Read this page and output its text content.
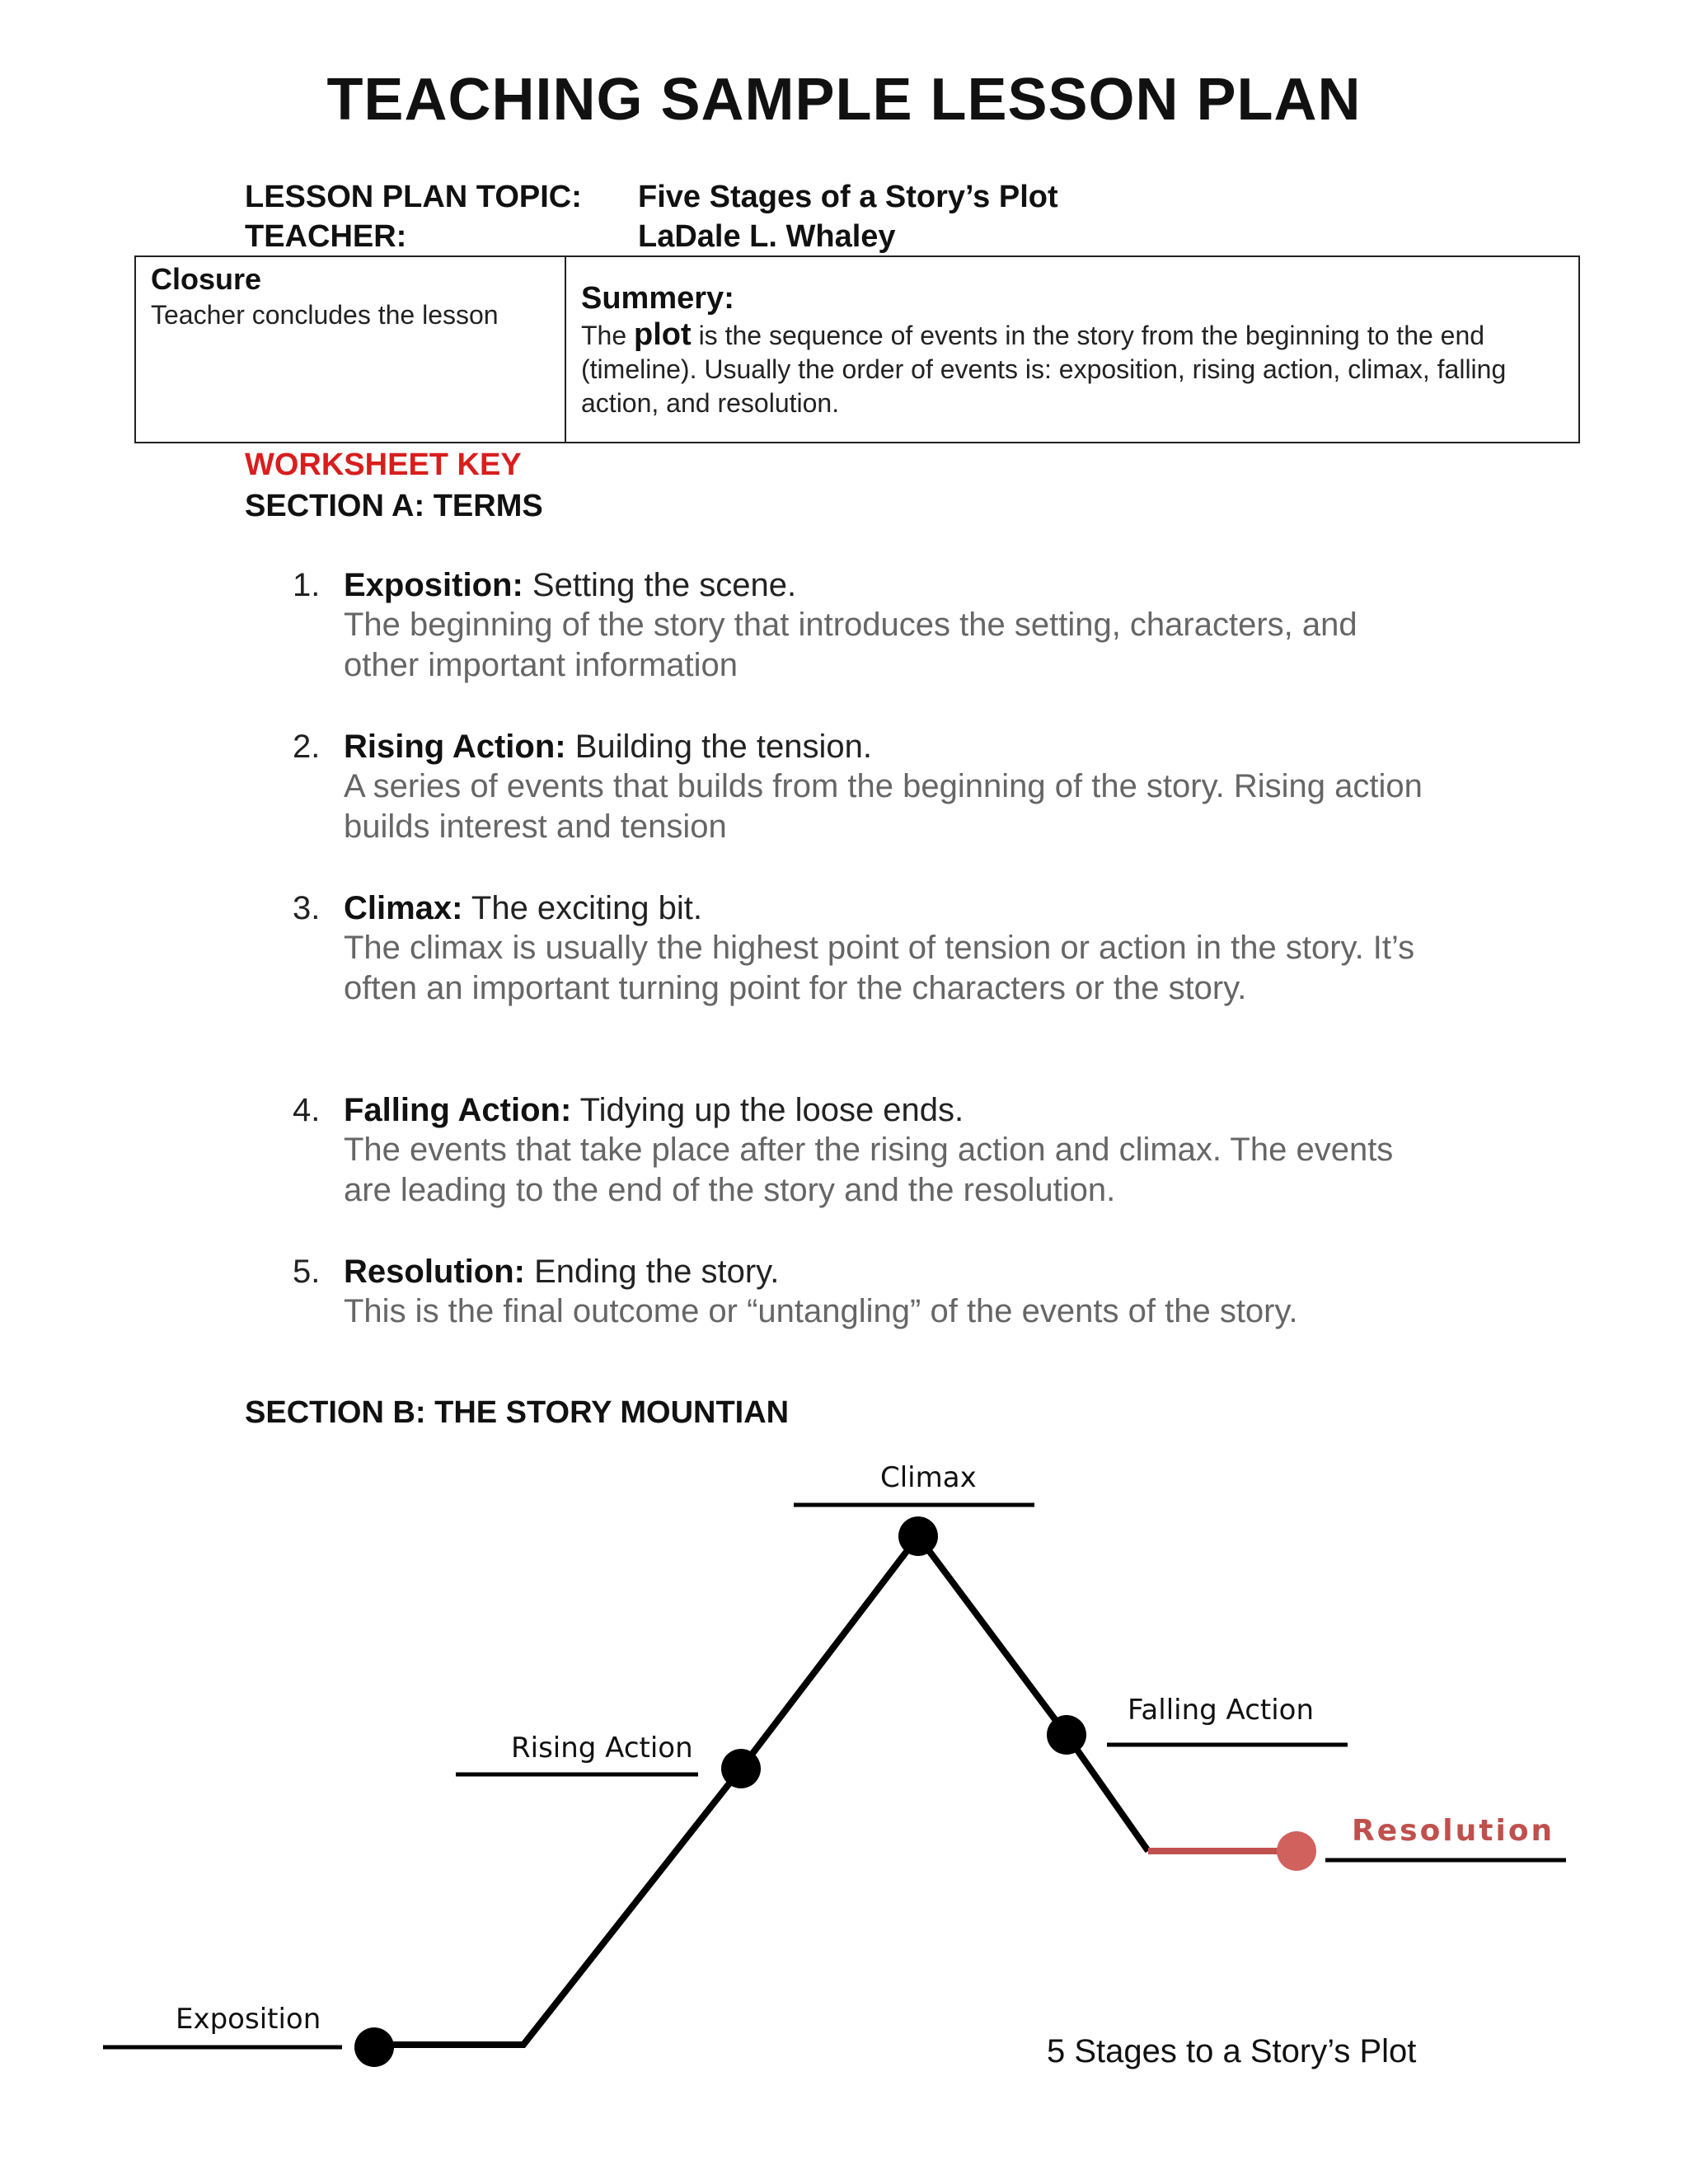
TEACHING SAMPLE LESSON PLAN
LESSON PLAN TOPIC: Five Stages of a Story’s Plot
TEACHER:	LaDale L. Whaley
Closure
Teacher concludes the lesson	Summery:
The plot is the sequence of events in the story from the beginning to the end (timeline). Usually the order of events is: exposition, rising action, climax, falling action, and resolution.
WORKSHEET KEY
SECTION A: TERMS
1. Exposition: Setting the scene.
The beginning of the story that introduces the setting, characters, and other important information
2. Rising Action: Building the tension.
A series of events that builds from the beginning of the story. Rising action builds interest and tension
3. Climax: The exciting bit.
The climax is usually the highest point of tension or action in the story. It’s often an important turning point for the characters or the story.
4. Falling Action: Tidying up the loose ends.
The events that take place after the rising action and climax. The events are leading to the end of the story and the resolution.
5. Resolution: Ending the story.
This is the final outcome or “untangling” of the events of the story.
SECTION B: THE STORY MOUNTIAN
Climax
Rising Action
Falling Action
Resolution
Exposition
5 Stages to a Story’s Plot
